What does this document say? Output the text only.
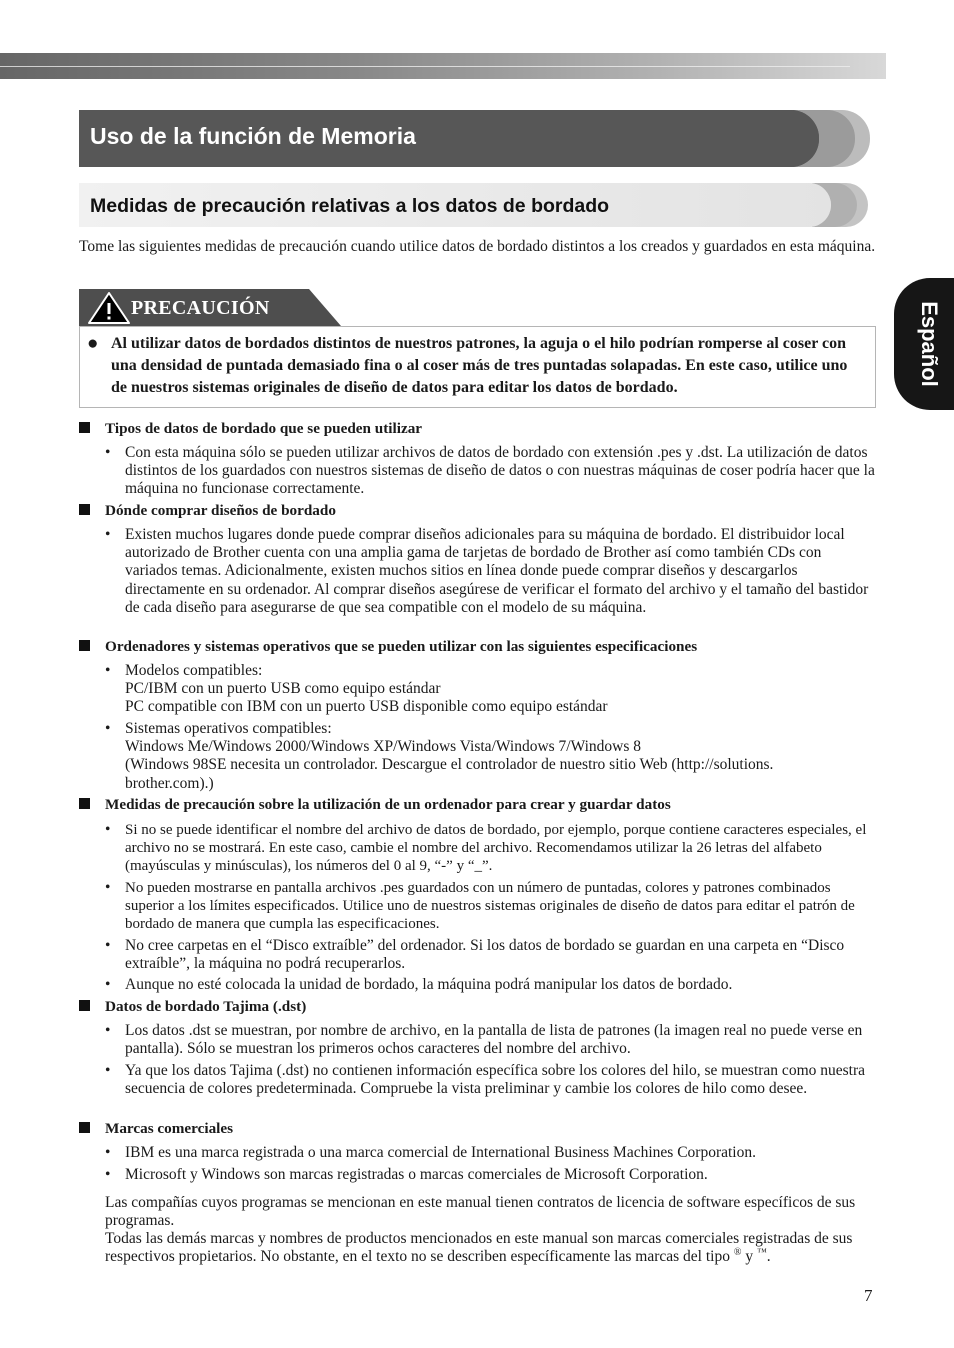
Uso de la función de Memoria
Medidas de precaución relativas a los datos de bordado
Español

Tome las siguientes medidas de precaución cuando utilice datos de bordado distintos a los creados y guardados en esta máquina.

PRECAUCIÓN
● Al utilizar datos de bordados distintos de nuestros patrones, la aguja o el hilo podrían romperse al coser con una densidad de puntada demasiado fina o al coser más de tres puntadas solapadas. En este caso, utilice uno de nuestros sistemas originales de diseño de datos para editar los datos de bordado.
Tipos de datos de bordado que se pueden utilizar
• Con esta máquina sólo se pueden utilizar archivos de datos de bordado con extensión .pes y .dst. La utilización de datos distintos de los guardados con nuestros sistemas de diseño de datos o con nuestras máquinas de coser podría hacer que la máquina no funcionase correctamente.
Dónde comprar diseños de bordado
• Existen muchos lugares donde puede comprar diseños adicionales para su máquina de bordado. El distribuidor local autorizado de Brother cuenta con una amplia gama de tarjetas de bordado de Brother así como también CDs con variados temas. Adicionalmente, existen muchos sitios en línea donde puede comprar diseños y descargarlos directamente en su ordenador. Al comprar diseños asegúrese de verificar el formato del archivo y el tamaño del bastidor de cada diseño para asegurarse de que sea compatible con el modelo de su máquina.
Ordenadores y sistemas operativos que se pueden utilizar con las siguientes especificaciones
• Modelos compatibles:
PC/IBM con un puerto USB como equipo estándar
PC compatible con IBM con un puerto USB disponible como equipo estándar
• Sistemas operativos compatibles:
Windows Me/Windows 2000/Windows XP/Windows Vista/Windows 7/Windows 8
(Windows 98SE necesita un controlador. Descargue el controlador de nuestro sitio Web (http://solutions.
brother.com).)
Medidas de precaución sobre la utilización de un ordenador para crear y guardar datos
• Si no se puede identificar el nombre del archivo de datos de bordado, por ejemplo, porque contiene caracteres especiales, el archivo no se mostrará. En este caso, cambie el nombre del archivo. Recomendamos utilizar la 26 letras del alfabeto (mayúsculas y minúsculas), los números del 0 al 9, “-” y “_”.
• No pueden mostrarse en pantalla archivos .pes guardados con un número de puntadas, colores y patrones combinados superior a los límites especificados. Utilice uno de nuestros sistemas originales de diseño de datos para editar el patrón de bordado de manera que cumpla las especificaciones.
• No cree carpetas en el “Disco extraíble” del ordenador. Si los datos de bordado se guardan en una carpeta en “Disco extraíble”, la máquina no podrá recuperarlos.
• Aunque no esté colocada la unidad de bordado, la máquina podrá manipular los datos de bordado.
Datos de bordado Tajima (.dst)
• Los datos .dst se muestran, por nombre de archivo, en la pantalla de lista de patrones (la imagen real no puede verse en pantalla). Sólo se muestran los primeros ochos caracteres del nombre del archivo.
• Ya que los datos Tajima (.dst) no contienen información específica sobre los colores del hilo, se muestran como nuestra secuencia de colores predeterminada. Compruebe la vista preliminar y cambie los colores de hilo como desee.
Marcas comerciales
• IBM es una marca registrada o una marca comercial de International Business Machines Corporation.
• Microsoft y Windows son marcas registradas o marcas comerciales de Microsoft Corporation.
Las compañías cuyos programas se mencionan en este manual tienen contratos de licencia de software específicos de sus programas.
Todas las demás marcas y nombres de productos mencionados en este manual son marcas comerciales registradas de sus respectivos propietarios. No obstante, en el texto no se describen específicamente las marcas del tipo ® y ™.
7
